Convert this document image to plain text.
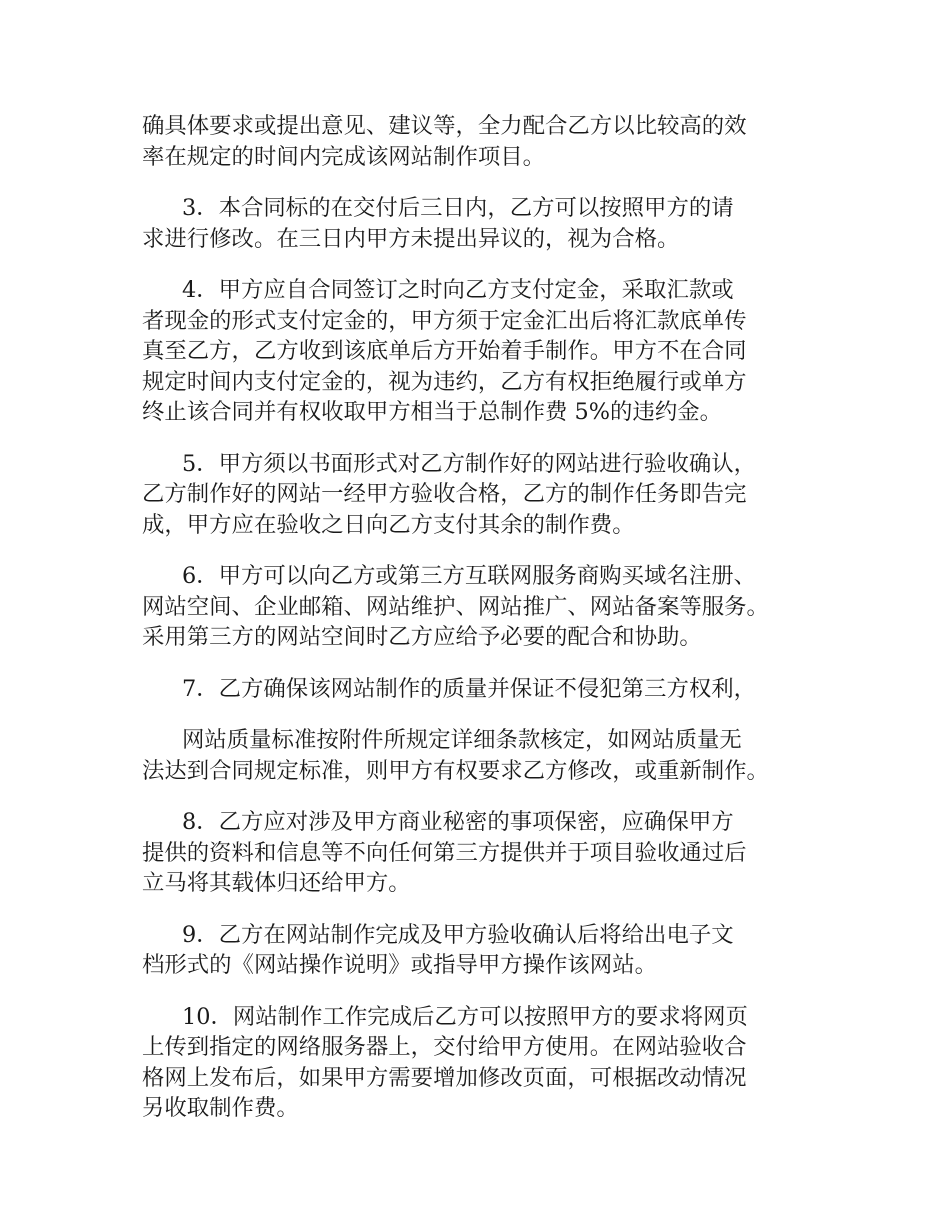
确具体要求或提出意见、建议等，全力配合乙方以比较高的效
率在规定的时间内完成该网站制作项目。
3．本合同标的在交付后三日内，乙方可以按照甲方的请
求进行修改。在三日内甲方未提出异议的，视为合格。
4．甲方应自合同签订之时向乙方支付定金，采取汇款或
者现金的形式支付定金的，甲方须于定金汇出后将汇款底单传
真至乙方，乙方收到该底单后方开始着手制作。甲方不在合同
规定时间内支付定金的，视为违约，乙方有权拒绝履行或单方
终止该合同并有权收取甲方相当于总制作费 5%的违约金。
5．甲方须以书面形式对乙方制作好的网站进行验收确认，
乙方制作好的网站一经甲方验收合格，乙方的制作任务即告完
成，甲方应在验收之日向乙方支付其余的制作费。
6．甲方可以向乙方或第三方互联网服务商购买域名注册、
网站空间、企业邮箱、网站维护、网站推广、网站备案等服务。
采用第三方的网站空间时乙方应给予必要的配合和协助。
7．乙方确保该网站制作的质量并保证不侵犯第三方权利，
网站质量标准按附件所规定详细条款核定，如网站质量无
法达到合同规定标准，则甲方有权要求乙方修改，或重新制作。
8．乙方应对涉及甲方商业秘密的事项保密，应确保甲方
提供的资料和信息等不向任何第三方提供并于项目验收通过后
立马将其载体归还给甲方。
9．乙方在网站制作完成及甲方验收确认后将给出电子文
档形式的《网站操作说明》或指导甲方操作该网站。
10．网站制作工作完成后乙方可以按照甲方的要求将网页
上传到指定的网络服务器上，交付给甲方使用。在网站验收合
格网上发布后，如果甲方需要增加修改页面，可根据改动情况
另收取制作费。
